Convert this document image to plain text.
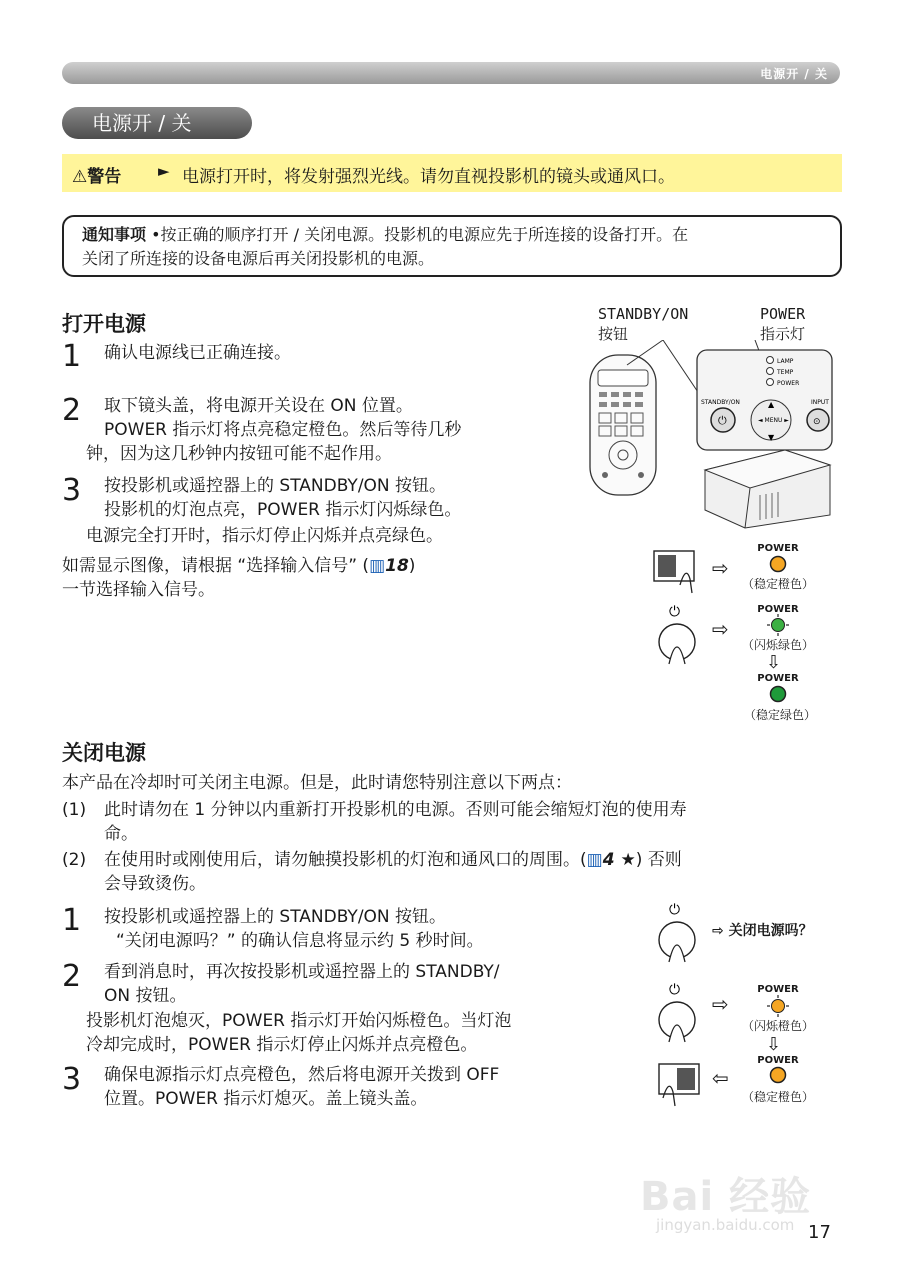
电源开 / 关
电源开 / 关
⚠警告 ► 电源打开时，将发射强烈光线。请勿直视投影机的镜头或通风口。
通知事项 •按正确的顺序打开 / 关闭电源。投影机的电源应先于所连接的设备打开。在
关闭了所连接的设备电源后再关闭投影机的电源。
打开电源
1 确认电源线已正确连接。
2 取下镜头盖，将电源开关设在 ON 位置。
POWER 指示灯将点亮稳定橙色。然后等待几秒
钟，因为这几秒钟内按钮可能不起作用。
3 按投影机或遥控器上的 STANDBY/ON 按钮。
投影机的灯泡点亮，POWER 指示灯闪烁绿色。
电源完全打开时，指示灯停止闪烁并点亮绿色。
如需显示图像，请根据 “选择输入信号” (▥18)
一节选择输入信号。
STANDBY/ON
按钮
POWER
指示灯
LAMP
TEMP
POWER
STANDBY/ON
⏻	◄ MENU ►
▲
▼
INPUT
⊙
⇨
POWER
（稳定橙色）
⏻
⇨
POWER
（闪烁绿色）
⇩
POWER
（稳定绿色）
关闭电源
本产品在冷却时可关闭主电源。但是，此时请您特别注意以下两点：
(1) 此时请勿在 1 分钟以内重新打开投影机的电源。否则可能会缩短灯泡的使用寿
命。
(2) 在使用时或刚使用后，请勿触摸投影机的灯泡和通风口的周围。(▥4 ★) 否则
会导致烫伤。
1 按投影机或遥控器上的 STANDBY/ON 按钮。
“关闭电源吗？” 的确认信息将显示约 5 秒时间。
2 看到消息时，再次按投影机或遥控器上的 STANDBY/
ON 按钮。
投影机灯泡熄灭，POWER 指示灯开始闪烁橙色。当灯泡
冷却完成时，POWER 指示灯停止闪烁并点亮橙色。
3 确保电源指示灯点亮橙色，然后将电源开关拨到 OFF
位置。POWER 指示灯熄灭。盖上镜头盖。
⏻
⇨ 关闭电源吗？
⏻
⇨
POWER
（闪烁橙色）
⇩
POWER
（稳定橙色）
⇦
Bai 经验
jingyan.baidu.com 17
